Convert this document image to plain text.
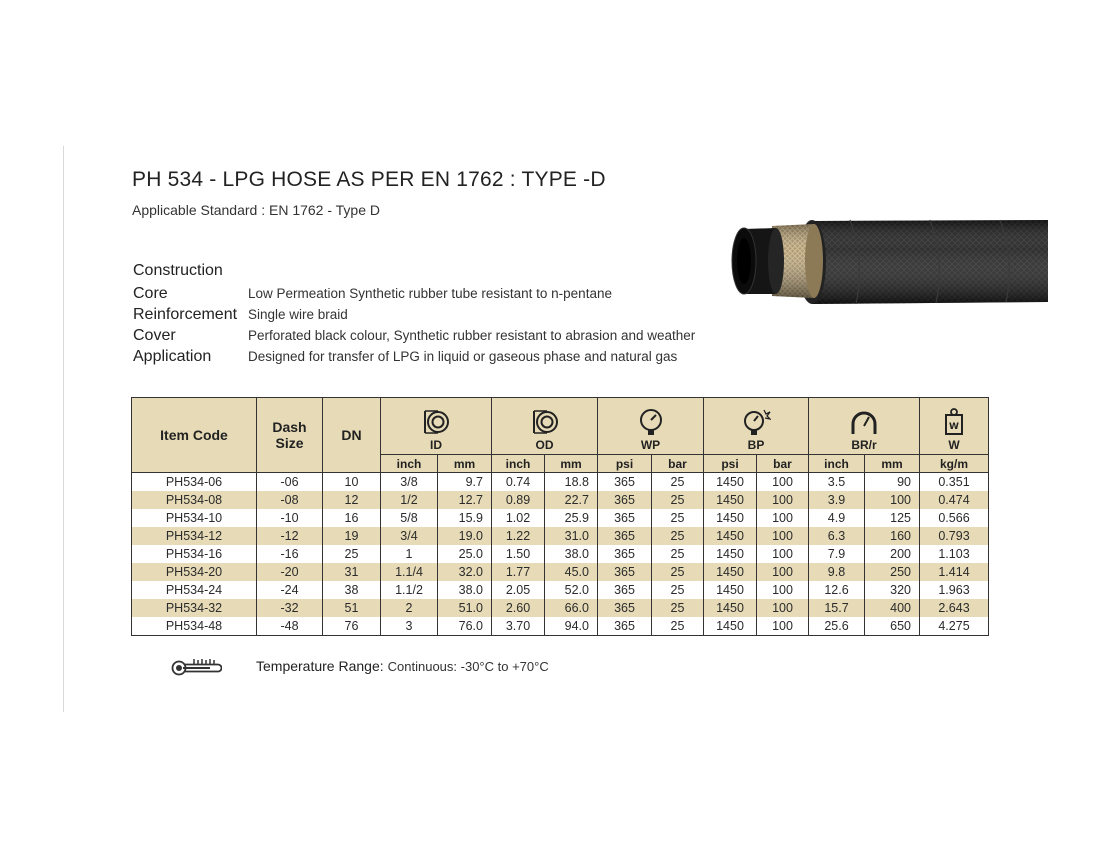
PH 534 - LPG HOSE AS PER EN 1762 : TYPE -D
Applicable Standard : EN 1762 - Type D
Construction
Core	Low Permeation Synthetic rubber tube resistant to n-pentane
Reinforcement Single wire braid
Cover	Perforated black colour, Synthetic rubber resistant to abrasion and weather
Application	Designed for transfer of LPG in liquid or gaseous phase and natural gas
Item Code	Dash Size	DN	ID		OD		WP		BP		BR/r		W
W
			inch	mm	inch	mm	psi	bar	psi	bar	inch	mm	kg/m
PH534-06	-06	10	3/8	9.7	0.74	18.8	365	25	1450	100	3.5	90	0.351
PH534-08	-08	12	1/2	12.7	0.89	22.7	365	25	1450	100	3.9	100	0.474
PH534-10	-10	16	5/8	15.9	1.02	25.9	365	25	1450	100	4.9	125	0.566
PH534-12	-12	19	3/4	19.0	1.22	31.0	365	25	1450	100	6.3	160	0.793
PH534-16	-16	25	1	25.0	1.50	38.0	365	25	1450	100	7.9	200	1.103
PH534-20	-20	31	1.1/4	32.0	1.77	45.0	365	25	1450	100	9.8	250	1.414
PH534-24	-24	38	1.1/2	38.0	2.05	52.0	365	25	1450	100	12.6	320	1.963
PH534-32	-32	51	2	51.0	2.60	66.0	365	25	1450	100	15.7	400	2.643
PH534-48	-48	76	3	76.0	3.70	94.0	365	25	1450	100	25.6	650	4.275
Temperature Range: Continuous: -30°C to +70°C
